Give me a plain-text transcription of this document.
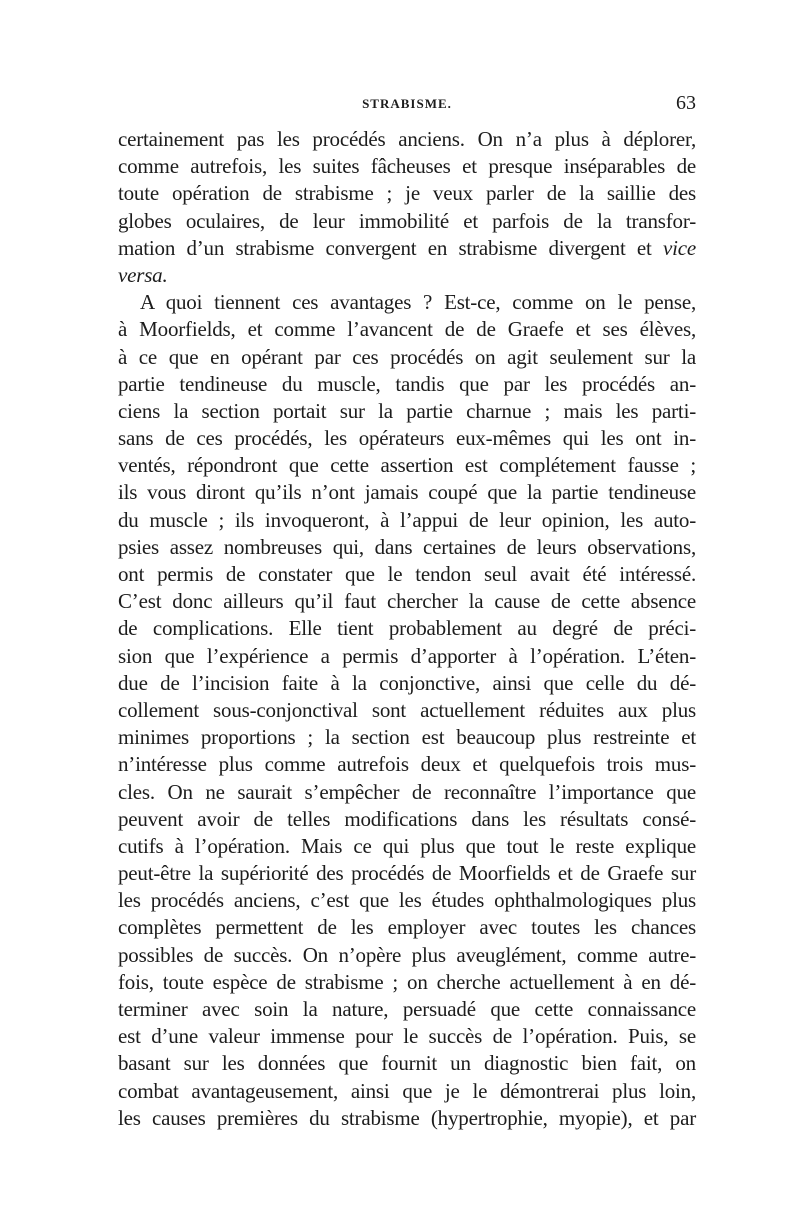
STRABISME.	63
certainement pas les procédés anciens. On n’a plus à déplorer,
comme autrefois, les suites fâcheuses et presque inséparables de
toute opération de strabisme ; je veux parler de la saillie des
globes oculaires, de leur immobilité et parfois de la transfor-
mation d’un strabisme convergent en strabisme divergent et vice
versa.
A quoi tiennent ces avantages ? Est-ce, comme on le pense,
à Moorfields, et comme l’avancent de de Graefe et ses élèves,
à ce que en opérant par ces procédés on agit seulement sur la
partie tendineuse du muscle, tandis que par les procédés an-
ciens la section portait sur la partie charnue ; mais les parti-
sans de ces procédés, les opérateurs eux-mêmes qui les ont in-
ventés, répondront que cette assertion est complétement fausse ;
ils vous diront qu’ils n’ont jamais coupé que la partie tendineuse
du muscle ; ils invoqueront, à l’appui de leur opinion, les auto-
psies assez nombreuses qui, dans certaines de leurs observations,
ont permis de constater que le tendon seul avait été intéressé.
C’est donc ailleurs qu’il faut chercher la cause de cette absence
de complications. Elle tient probablement au degré de préci-
sion que l’expérience a permis d’apporter à l’opération. L’éten-
due de l’incision faite à la conjonctive, ainsi que celle du dé-
collement sous-conjonctival sont actuellement réduites aux plus
minimes proportions ; la section est beaucoup plus restreinte et
n’intéresse plus comme autrefois deux et quelquefois trois mus-
cles. On ne saurait s’empêcher de reconnaître l’importance que
peuvent avoir de telles modifications dans les résultats consé-
cutifs à l’opération. Mais ce qui plus que tout le reste explique
peut-être la supériorité des procédés de Moorfields et de Graefe sur
les procédés anciens, c’est que les études ophthalmologiques plus
complètes permettent de les employer avec toutes les chances
possibles de succès. On n’opère plus aveuglément, comme autre-
fois, toute espèce de strabisme ; on cherche actuellement à en dé-
terminer avec soin la nature, persuadé que cette connaissance
est d’une valeur immense pour le succès de l’opération. Puis, se
basant sur les données que fournit un diagnostic bien fait, on
combat avantageusement, ainsi que je le démontrerai plus loin,
les causes premières du strabisme (hypertrophie, myopie), et par
